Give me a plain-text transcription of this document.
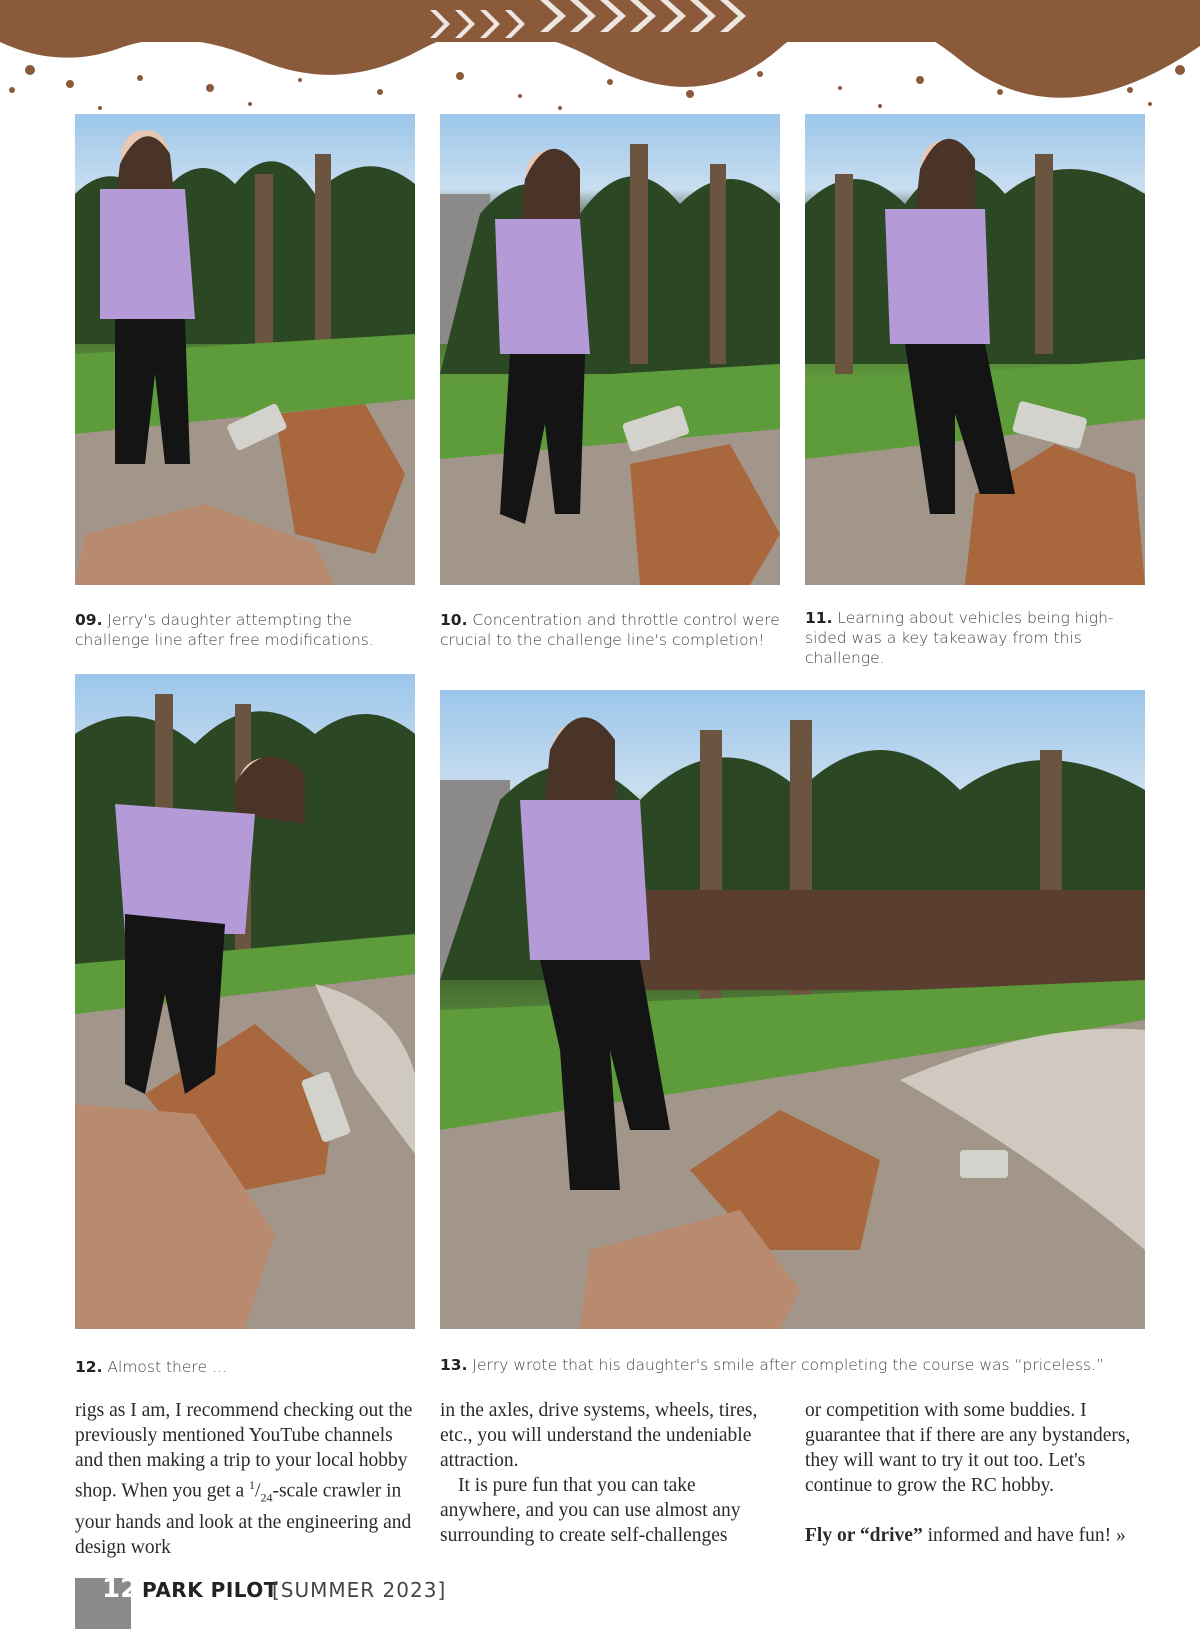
09. Jerry's daughter attempting the challenge line after free modifications.
10. Concentration and throttle control were crucial to the challenge line's completion!
11. Learning about vehicles being high-sided was a key takeaway from this challenge.
12. Almost there …	13. Jerry wrote that his daughter's smile after completing the course was “priceless.”

rigs as I am, I recommend checking out the previously mentioned YouTube channels and then making a trip to your local hobby shop. When you get a $^1/_{24}$-scale crawler in your hands and look at the engineering and design work

in the axles, drive systems, wheels, tires, etc., you will understand the undeniable attraction.

It is pure fun that you can take anywhere, and you can use almost any surrounding to create self-challenges

or competition with some buddies. I guarantee that if there are any bystanders, they will want to try it out too. Let's continue to grow the RC hobby.

Fly or “drive” informed and have fun! »

12 PARK PILOT
[SUMMER 2023]
